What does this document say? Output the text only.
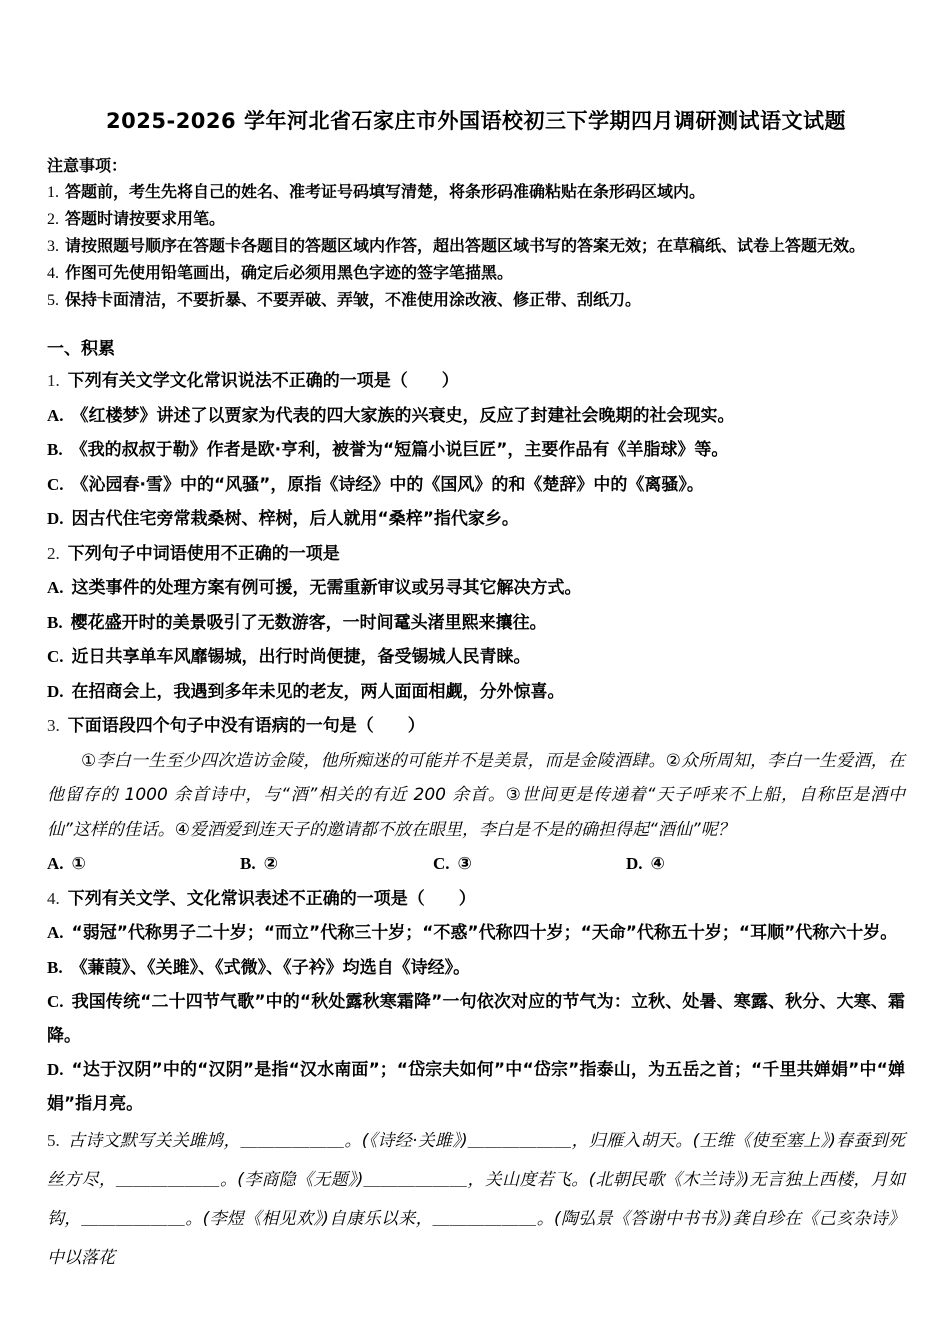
2025-2026 学年河北省石家庄市外国语校初三下学期四月调研测试语文试题
注意事项：
1. 答题前，考生先将自己的姓名、准考证号码填写清楚，将条形码准确粘贴在条形码区域内。
2. 答题时请按要求用笔。
3. 请按照题号顺序在答题卡各题目的答题区域内作答，超出答题区域书写的答案无效；在草稿纸、试卷上答题无效。
4. 作图可先使用铅笔画出，确定后必须用黑色字迹的签字笔描黑。
5. 保持卡面清洁，不要折暴、不要弄破、弄皱，不准使用涂改液、修正带、刮纸刀。
一、积累
1. 下列有关文学文化常识说法不正确的一项是（　　）
A. 《红楼梦》讲述了以贾家为代表的四大家族的兴衰史，反应了封建社会晚期的社会现实。
B. 《我的叔叔于勒》作者是欧·亨利，被誉为“短篇小说巨匠”，主要作品有《羊脂球》等。
C. 《沁园春·雪》中的“风骚”，原指《诗经》中的《国风》的和《楚辞》中的《离骚》。
D. 因古代住宅旁常栽桑树、梓树，后人就用“桑梓”指代家乡。
2. 下列句子中词语使用不正确的一项是
A. 这类事件的处理方案有例可援，无需重新审议或另寻其它解决方式。
B. 樱花盛开时的美景吸引了无数游客，一时间鼋头渚里熙来攘往。
C. 近日共享单车风靡锡城，出行时尚便捷，备受锡城人民青睐。
D. 在招商会上，我遇到多年未见的老友，两人面面相觑，分外惊喜。
3. 下面语段四个句子中没有语病的一句是（　　）
①李白一生至少四次造访金陵，他所痴迷的可能并不是美景，而是金陵酒肆。②众所周知，李白一生爱酒，在他留存的 1000 余首诗中，与“酒”相关的有近 200 余首。③世间更是传递着“天子呼来不上船，自称臣是酒中仙”这样的佳话。④爱酒爱到连天子的邀请都不放在眼里，李白是不是的确担得起“酒仙”呢？
A. ①	B. ②	C. ③	D. ④
4. 下列有关文学、文化常识表述不正确的一项是（　　）
A. “弱冠”代称男子二十岁；“而立”代称三十岁；“不惑”代称四十岁；“天命”代称五十岁；“耳顺”代称六十岁。
B. 《蒹葭》、《关雎》、《式微》、《子衿》均选自《诗经》。
C. 我国传统“二十四节气歌”中的“秋处露秋寒霜降”一句依次对应的节气为：立秋、处暑、寒露、秋分、大寒、霜降。
D. “达于汉阴”中的“汉阴”是指“汉水南面”；“岱宗夫如何”中“岱宗”指泰山，为五岳之首；“千里共婵娟”中“婵娟”指月亮。
5. 古诗文默写关关雎鸠，＿＿＿＿＿＿。(《诗经·关雎》)＿＿＿＿＿＿，归雁入胡天。(王维《使至塞上》)春蚕到死丝方尽，＿＿＿＿＿＿。(李商隐《无题》)＿＿＿＿＿＿，关山度若飞。(北朝民歌《木兰诗》)无言独上西楼，月如钩，＿＿＿＿＿＿。(李煜《相见欢》)自康乐以来，＿＿＿＿＿＿。(陶弘景《答谢中书书》)龚自珍在《己亥杂诗》中以落花
